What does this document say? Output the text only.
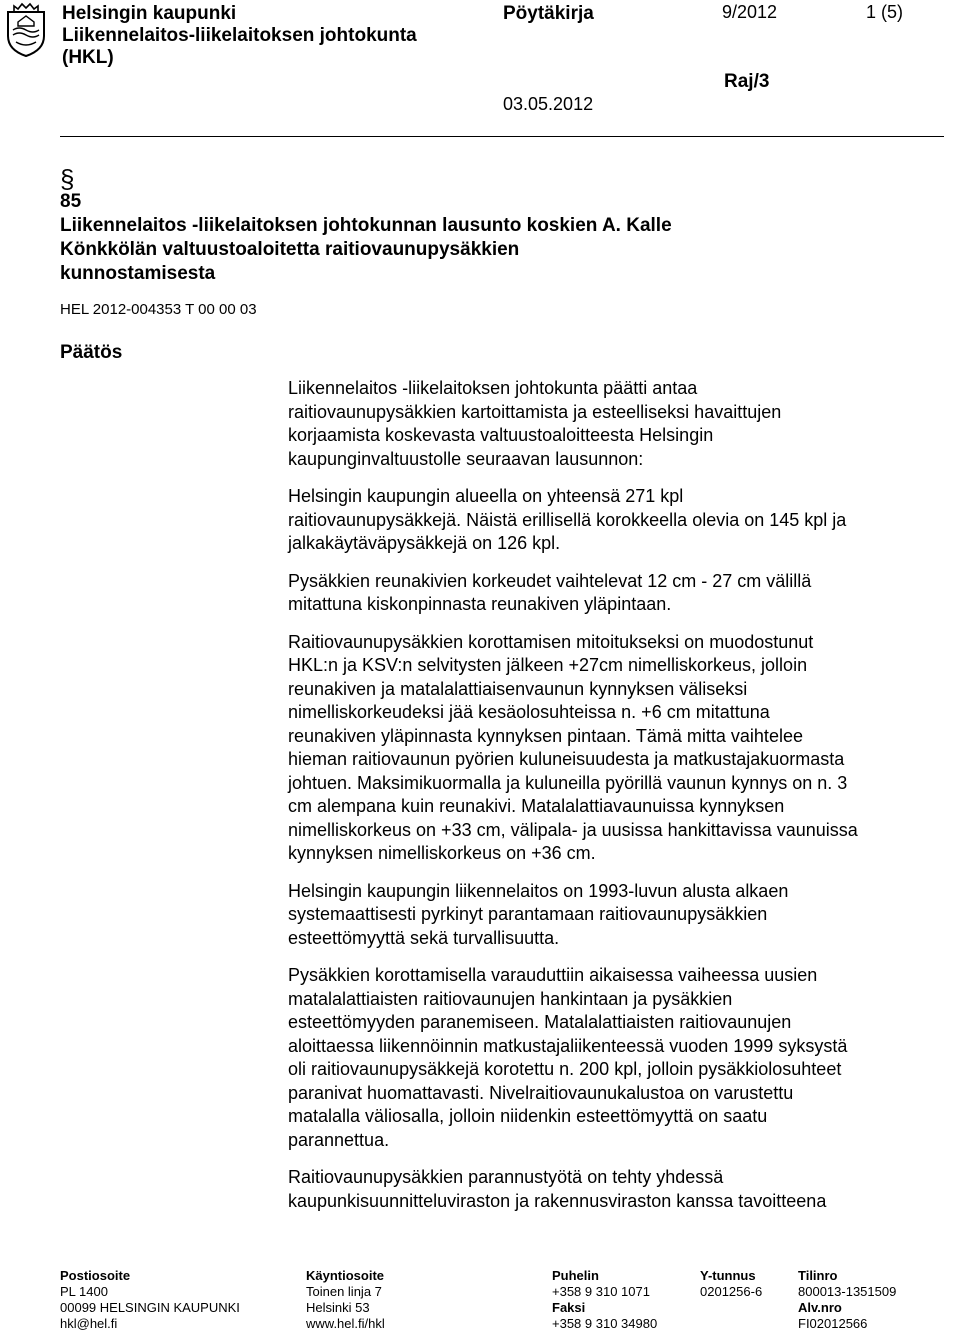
Helsingin kaupunki
Liikennelaitos-liikelaitoksen johtokunta
(HKL)
Pöytäkirja	9/2012	1 (5)
Raj/3
03.05.2012
§
85
Liikennelaitos -liikelaitoksen johtokunnan lausunto koskien A. Kalle
Könkkölän valtuustoaloitetta raitiovaunupysäkkien
kunnostamisesta
HEL 2012-004353 T 00 00 03
Päätös

Liikennelaitos -liikelaitoksen johtokunta päätti antaa
raitiovaunupysäkkien kartoittamista ja esteelliseksi havaittujen
korjaamista koskevasta valtuustoaloitteesta Helsingin
kaupunginvaltuustolle seuraavan lausunnon:

Helsingin kaupungin alueella on yhteensä 271 kpl
raitiovaunupysäkkejä. Näistä erillisellä korokkeella olevia on 145 kpl ja
jalkakäytäväpysäkkejä on 126 kpl.

Pysäkkien reunakivien korkeudet vaihtelevat 12 cm - 27 cm välillä
mitattuna kiskonpinnasta reunakiven yläpintaan.

Raitiovaunupysäkkien korottamisen mitoitukseksi on muodostunut
HKL:n ja KSV:n selvitysten jälkeen +27cm nimelliskorkeus, jolloin
reunakiven ja matalalattiaisenvaunun kynnyksen väliseksi
nimelliskorkeudeksi jää kesäolosuhteissa n. +6 cm mitattuna
reunakiven yläpinnasta kynnyksen pintaan. Tämä mitta vaihtelee
hieman raitiovaunun pyörien kuluneisuudesta ja matkustajakuormasta
johtuen. Maksimikuormalla ja kuluneilla pyörillä vaunun kynnys on n. 3
cm alempana kuin reunakivi. Matalalattiavaunuissa kynnyksen
nimelliskorkeus on +33 cm, välipala- ja uusissa hankittavissa vaunuissa
kynnyksen nimelliskorkeus on +36 cm.

Helsingin kaupungin liikennelaitos on 1993-luvun alusta alkaen
systemaattisesti pyrkinyt parantamaan raitiovaunupysäkkien
esteettömyyttä sekä turvallisuutta.

Pysäkkien korottamisella varauduttiin aikaisessa vaiheessa uusien
matalalattiaisten raitiovaunujen hankintaan ja pysäkkien
esteettömyyden paranemiseen. Matalalattiaisten raitiovaunujen
aloittaessa liikennöinnin matkustajaliikenteessä vuoden 1999 syksystä
oli raitiovaunupysäkkejä korotettu n. 200 kpl, jolloin pysäkkiolosuhteet
paranivat huomattavasti. Nivelraitiovaunukalustoa on varustettu
matalalla väliosalla, jolloin niidenkin esteettömyyttä on saatu
parannettua.

Raitiovaunupysäkkien parannustyötä on tehty yhdessä
kaupunkisuunnitteluviraston ja rakennusviraston kanssa tavoitteena

Postiosoite
PL 1400
00099 HELSINGIN KAUPUNKI
hkl@hel.fi
Käyntiosoite
Toinen linja 7
Helsinki 53
www.hel.fi/hkl
Puhelin
+358 9 310 1071
Faksi
+358 9 310 34980
Y-tunnus
0201256-6
Tilinro
800013-1351509
Alv.nro
FI02012566
